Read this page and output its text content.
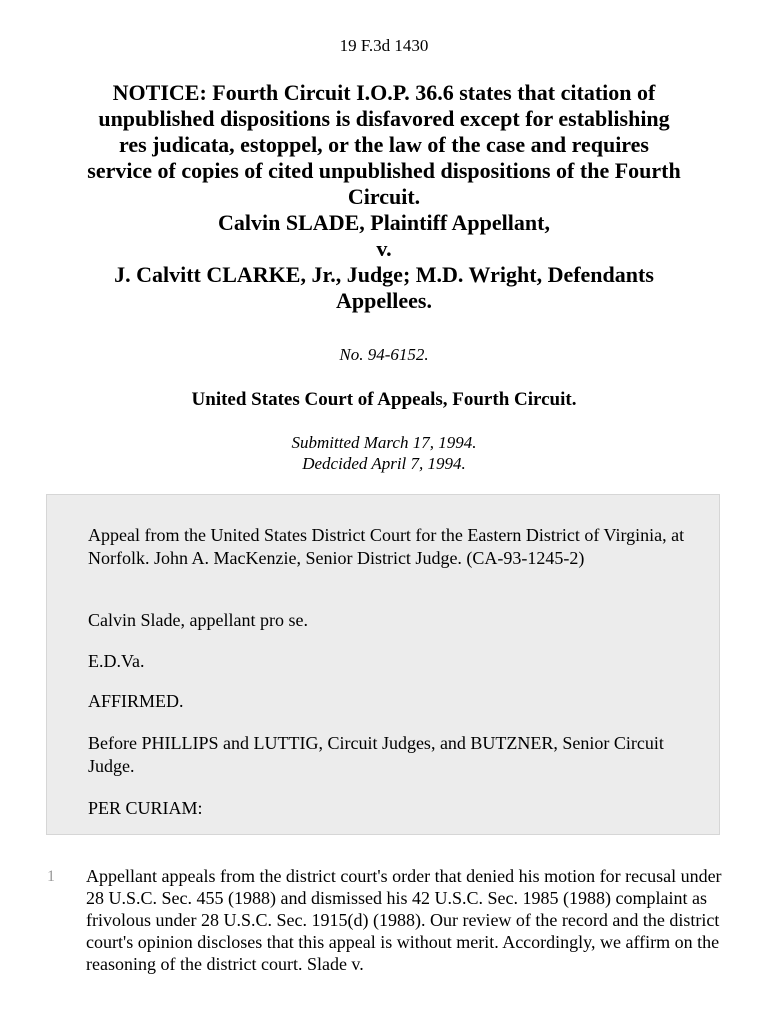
19 F.3d 1430
NOTICE: Fourth Circuit I.O.P. 36.6 states that citation of
unpublished dispositions is disfavored except for establishing
res judicata, estoppel, or the law of the case and requires
service of copies of cited unpublished dispositions of the Fourth
Circuit.
Calvin SLADE, Plaintiff Appellant,
v.
J. Calvitt CLARKE, Jr., Judge; M.D. Wright, Defendants
Appellees.
No. 94-6152.
United States Court of Appeals, Fourth Circuit.
Submitted March 17, 1994.
Dedcided April 7, 1994.

Appeal from the United States District Court for the Eastern District of Virginia, at Norfolk. John A. MacKenzie, Senior District Judge. (CA-93-1245-2)

Calvin Slade, appellant pro se.

E.D.Va.

AFFIRMED.

Before PHILLIPS and LUTTIG, Circuit Judges, and BUTZNER, Senior Circuit Judge.

PER CURIAM:

1	Appellant appeals from the district court's order that denied his motion for recusal under 28 U.S.C. Sec. 455 (1988) and dismissed his 42 U.S.C. Sec. 1985 (1988) complaint as frivolous under 28 U.S.C. Sec. 1915(d) (1988). Our review of the record and the district court's opinion discloses that this appeal is without merit. Accordingly, we affirm on the reasoning of the district court. Slade v.
